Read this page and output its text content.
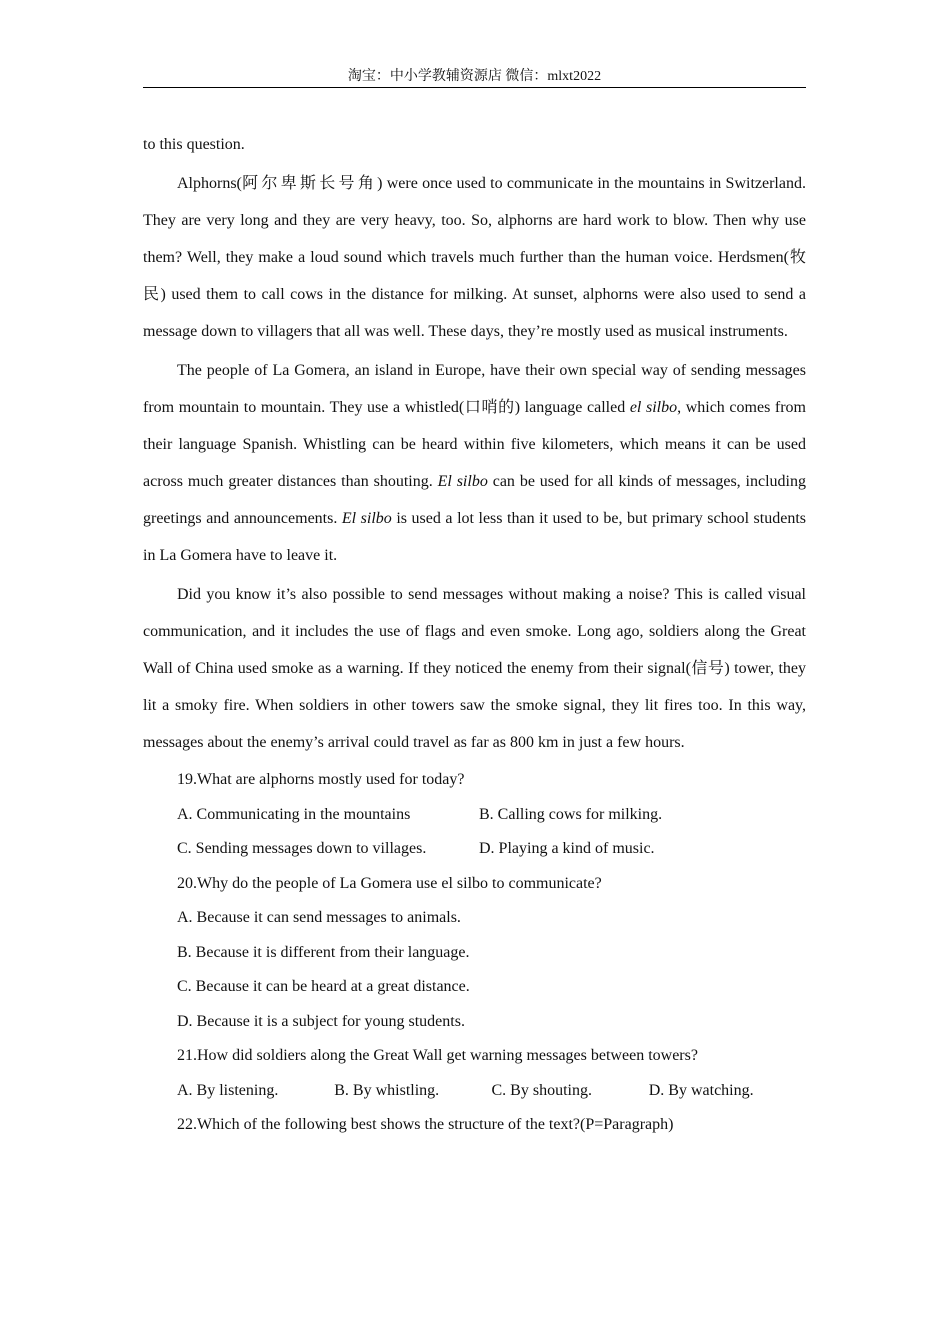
淘宝：中小学教辅资源店 微信：mlxt2022

to this question.

Alphorns(阿尔卑斯长号角) were once used to communicate in the mountains in Switzerland. They are very long and they are very heavy, too. So, alphorns are hard work to blow. Then why use them? Well, they make a loud sound which travels much further than the human voice. Herdsmen(牧民) used them to call cows in the distance for milking. At sunset, alphorns were also used to send a message down to villagers that all was well. These days, they’re mostly used as musical instruments.

The people of La Gomera, an island in Europe, have their own special way of sending messages from mountain to mountain. They use a whistled(口哨的) language called el silbo, which comes from their language Spanish. Whistling can be heard within five kilometers, which means it can be used across much greater distances than shouting. El silbo can be used for all kinds of messages, including greetings and announcements. El silbo is used a lot less than it used to be, but primary school students in La Gomera have to leave it.

Did you know it’s also possible to send messages without making a noise? This is called visual communication, and it includes the use of flags and even smoke. Long ago, soldiers along the Great Wall of China used smoke as a warning. If they noticed the enemy from their signal(信号) tower, they lit a smoky fire. When soldiers in other towers saw the smoke signal, they lit fires too. In this way, messages about the enemy’s arrival could travel as far as 800 km in just a few hours.

19.What are alphorns mostly used for today?

A. Communicating in the mountains	B. Calling cows for milking.
C. Sending messages down to villages.	D. Playing a kind of music.

20.Why do the people of La Gomera use el silbo to communicate?

A. Because it can send messages to animals.

B. Because it is different from their language.

C. Because it can be heard at a great distance.

D. Because it is a subject for young students.

21.How did soldiers along the Great Wall get warning messages between towers?

A. By listening.	B. By whistling.	C. By shouting.	D. By watching.

22.Which of the following best shows the structure of the text?(P=Paragraph)
